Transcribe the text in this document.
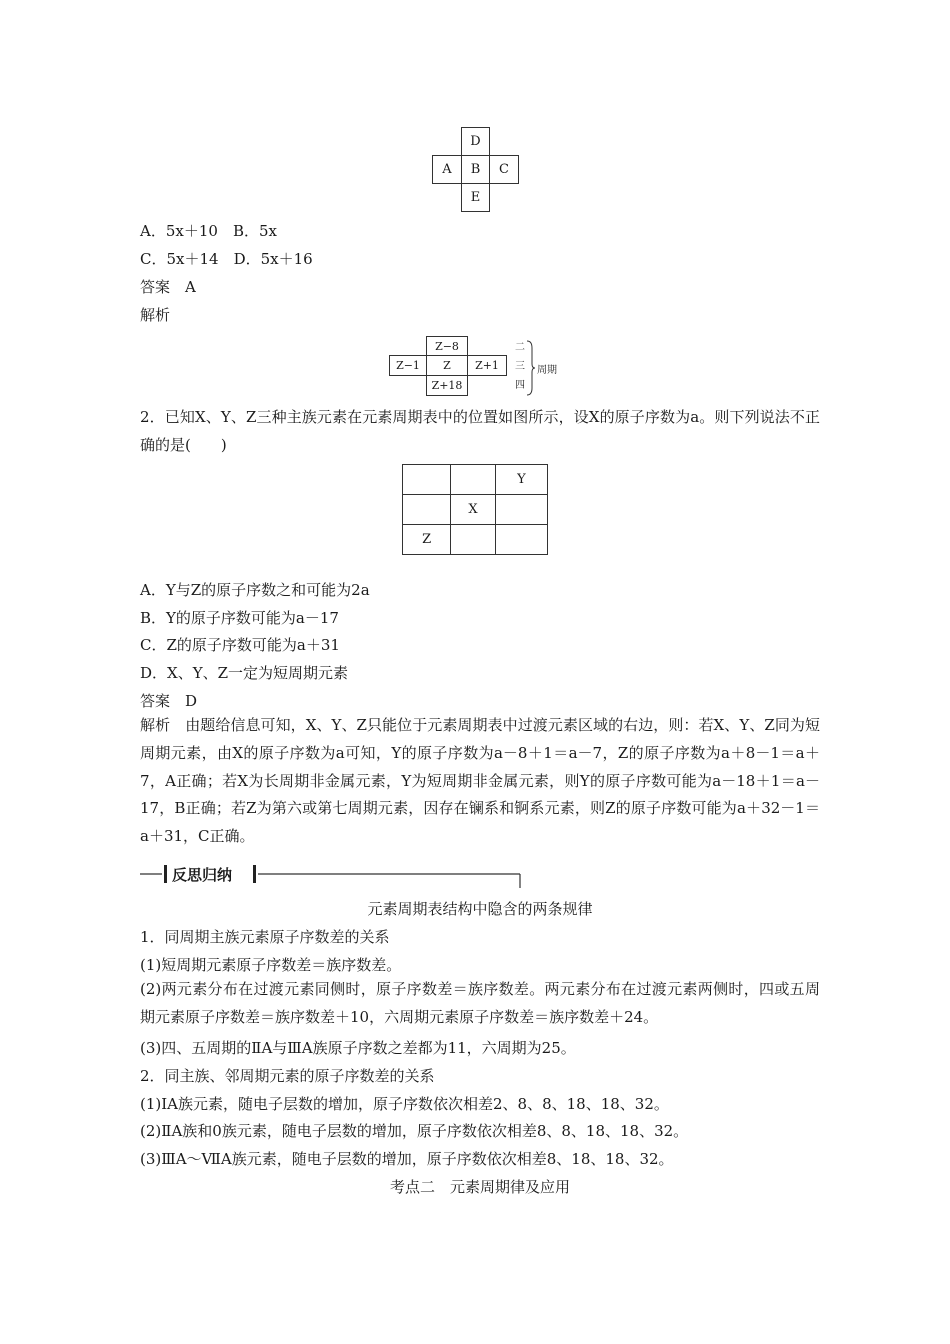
D
A	B	C
E
A．5x＋10　 B．5x
C．5x＋14　 D．5x＋16
答案　A
解析
Z−8
Z−1	Z	Z+1
Z+18
二
三
四
周期
2．已知X、Y、Z三种主族元素在元素周期表中的位置如图所示，设X的原子序数为a。则下列说法不正确的是(　　)
		Y
	X	
Z		
A．Y与Z的原子序数之和可能为2a
B．Y的原子序数可能为a－17
C．Z的原子序数可能为a＋31
D．X、Y、Z一定为短周期元素
答案　D
解析　由题给信息可知，X、Y、Z只能位于元素周期表中过渡元素区域的右边，则：若X、Y、Z同为短周期元素，由X的原子序数为a可知，Y的原子序数为a－8＋1＝a－7，Z的原子序数为a＋8－1＝a＋7，A正确；若X为长周期非金属元素，Y为短周期非金属元素，则Y的原子序数可能为a－18＋1＝a－17，B正确；若Z为第六或第七周期元素，因存在镧系和锕系元素，则Z的原子序数可能为a＋32－1＝a＋31，C正确。
反思归纳
元素周期表结构中隐含的两条规律
1．同周期主族元素原子序数差的关系
(1)短周期元素原子序数差＝族序数差。
(2)两元素分布在过渡元素同侧时，原子序数差＝族序数差。两元素分布在过渡元素两侧时，四或五周期元素原子序数差＝族序数差＋10，六周期元素原子序数差＝族序数差＋24。
(3)四、五周期的ⅡA与ⅢA族原子序数之差都为11，六周期为25。
2．同主族、邻周期元素的原子序数差的关系
(1)ⅠA族元素，随电子层数的增加，原子序数依次相差2、8、8、18、18、32。
(2)ⅡA族和0族元素，随电子层数的增加，原子序数依次相差8、8、18、18、32。
(3)ⅢA～ⅦA族元素，随电子层数的增加，原子序数依次相差8、18、18、32。
考点二　元素周期律及应用
